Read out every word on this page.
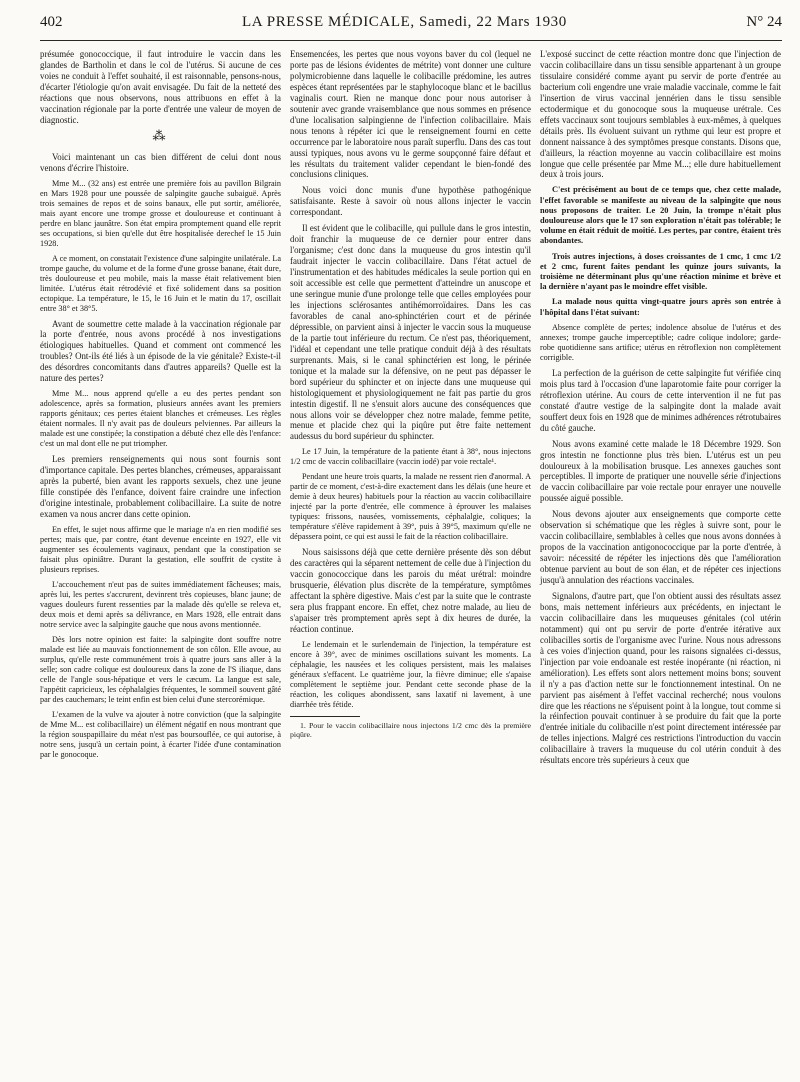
402	LA PRESSE MÉDICALE, Samedi, 22 Mars 1930	N° 24

présumée gonococcique, il faut introduire le vaccin dans les glandes de Bartholin et dans le col de l'utérus. Si aucune de ces voies ne conduit à l'effet souhaité, il est raisonnable, pensons-nous, d'écarter l'étiologie qu'on avait envisagée. Du fait de la netteté des réactions que nous observons, nous attribuons en effet à la vaccination régionale par la porte d'entrée une valeur de moyen de diagnostic.

⁂

Voici maintenant un cas bien différent de celui dont nous venons d'écrire l'histoire.

Mme M... (32 ans) est entrée une première fois au pavillon Bilgrain en Mars 1928 pour une poussée de salpingite gauche subaiguë. Après trois semaines de repos et de soins banaux, elle put sortir, améliorée, mais ayant encore une trompe grosse et douloureuse et continuant à perdre en blanc jaunâtre. Son état empira promptement quand elle reprit ses occupations, si bien qu'elle dut être hospitalisée derechef le 15 Juin 1928.

A ce moment, on constatait l'existence d'une salpingite unilatérale. La trompe gauche, du volume et de la forme d'une grosse banane, était dure, très douloureuse et peu mobile, mais la masse était relativement bien limitée. L'utérus était rétrodévié et fixé solidement dans sa position ectopique. La température, le 15, le 16 Juin et le matin du 17, oscillait entre 38° et 38°5.

Avant de soumettre cette malade à la vaccination régionale par la porte d'entrée, nous avons procédé à nos investigations étiologiques habituelles. Quand et comment ont commencé les troubles? Ont-ils été liés à un épisode de la vie génitale? Existe-t-il des désordres concomitants dans d'autres appareils? Quelle est la nature des pertes?

Mme M... nous apprend qu'elle a eu des pertes pendant son adolescence, après sa formation, plusieurs années avant les premiers rapports génitaux; ces pertes étaient blanches et crémeuses. Les règles étaient normales. Il n'y avait pas de douleurs pelviennes. Par ailleurs la malade est une constipée; la constipation a débuté chez elle dès l'enfance: c'est un mal dont elle ne put triompher.

Les premiers renseignements qui nous sont fournis sont d'importance capitale. Des pertes blanches, crémeuses, apparaissant après la puberté, bien avant les rapports sexuels, chez une jeune fille constipée dès l'enfance, doivent faire craindre une infection d'origine intestinale, probablement colibacillaire. La suite de notre examen va nous ancrer dans cette opinion.

En effet, le sujet nous affirme que le mariage n'a en rien modifié ses pertes; mais que, par contre, étant devenue enceinte en 1927, elle vit augmenter ses écoulements vaginaux, pendant que la constipation se faisait plus opiniâtre. Durant la gestation, elle souffrit de cystite à plusieurs reprises.

L'accouchement n'eut pas de suites immédiatement fâcheuses; mais, après lui, les pertes s'accrurent, devinrent très copieuses, blanc jaune; de vagues douleurs furent ressenties par la malade dès qu'elle se releva et, deux mois et demi après sa délivrance, en Mars 1928, elle entrait dans notre service avec la salpingite gauche que nous avons mentionnée.

Dès lors notre opinion est faite: la salpingite dont souffre notre malade est liée au mauvais fonctionnement de son côlon. Elle avoue, au surplus, qu'elle reste communément trois à quatre jours sans aller à la selle; son cadre colique est douloureux dans la zone de l'S iliaque, dans celle de l'angle sous-hépatique et vers le cæcum. La langue est sale, l'appétit capricieux, les céphalalgies fréquentes, le sommeil souvent gâté par des cauchemars; le teint enfin est bien celui d'une stercorémique.

L'examen de la vulve va ajouter à notre conviction (que la salpingite de Mme M... est colibacillaire) un élément négatif en nous montrant que la région souspapillaire du méat n'est pas boursouflée, ce qui autorise, à notre sens, jusqu'à un certain point, à écarter l'idée d'une contamination par le gonocoque.

Ensemencées, les pertes que nous voyons baver du col (lequel ne porte pas de lésions évidentes de métrite) vont donner une culture polymicrobienne dans laquelle le colibacille prédomine, les autres espèces étant représentées par le staphylocoque blanc et le bacillus vaginalis court. Rien ne manque donc pour nous autoriser à soutenir avec grande vraisemblance que nous sommes en présence d'une localisation salpingienne de l'infection colibacillaire. Mais nous tenons à répéter ici que le renseignement fourni en cette occurrence par le laboratoire nous paraît superflu. Dans des cas tout aussi typiques, nous avons vu le germe soupçonné faire défaut et les résultats du traitement valider cependant le bien-fondé des conclusions cliniques.

Nous voici donc munis d'une hypothèse pathogénique satisfaisante. Reste à savoir où nous allons injecter le vaccin correspondant.

Il est évident que le colibacille, qui pullule dans le gros intestin, doit franchir la muqueuse de ce dernier pour entrer dans l'organisme; c'est donc dans la muqueuse du gros intestin qu'il faudrait injecter le vaccin colibacillaire. Dans l'état actuel de l'instrumentation et des habitudes médicales la seule portion qui en soit accessible est celle que permettent d'atteindre un anuscope et une seringue munie d'une prolonge telle que celles employées pour les injections sclérosantes antihémorroïdaires. Dans les cas favorables de canal ano-sphinctérien court et de périnée dépressible, on parvient ainsi à injecter le vaccin sous la muqueuse de la partie tout inférieure du rectum. Ce n'est pas, théoriquement, l'idéal et cependant une telle pratique conduit déjà à des résultats surprenants. Mais, si le canal sphinctérien est long, le périnée tonique et la malade sur la défensive, on ne peut pas dépasser le bord supérieur du sphincter et on injecte dans une muqueuse qui histologiquement et physiologiquement ne fait pas partie du gros intestin digestif. Il ne s'ensuit alors aucune des conséquences que nous allons voir se développer chez notre malade, femme petite, menue et placide chez qui la piqûre put être faite nettement audessus du bord supérieur du sphincter.

Le 17 Juin, la température de la patiente étant à 38°, nous injectons 1/2 cmc de vaccin colibacillaire (vaccin iodé) par voie rectale¹.

Pendant une heure trois quarts, la malade ne ressent rien d'anormal. A partir de ce moment, c'est-à-dire exactement dans les délais (une heure et demie à deux heures) habituels pour la réaction au vaccin colibacillaire injecté par la porte d'entrée, elle commence à éprouver les malaises typiques: frissons, nausées, vomissements, céphalalgie, coliques; la température s'élève rapidement à 39°, puis à 39°5, maximum qu'elle ne dépassera point, ce qui est aussi le fait de la réaction colibacillaire.

Nous saisissons déjà que cette dernière présente dès son début des caractères qui la séparent nettement de celle due à l'injection du vaccin gonococcique dans les parois du méat urétral: moindre brusquerie, élévation plus discrète de la température, symptômes affectant la sphère digestive. Mais c'est par la suite que le contraste sera plus frappant encore. En effet, chez notre malade, au lieu de s'apaiser très promptement après sept à dix heures de durée, la réaction continue.

Le lendemain et le surlendemain de l'injection, la température est encore à 39°, avec de minimes oscillations suivant les moments. La céphalagie, les nausées et les coliques persistent, mais les malaises généraux s'effacent. Le quatrième jour, la fièvre diminue; elle s'apaise complètement le septième jour. Pendant cette seconde phase de la réaction, les coliques abondissent, sans laxatif ni lavement, à une diarrhée très fétide.

1. Pour le vaccin colibacillaire nous injectons 1/2 cmc dès la première piqûre.

L'exposé succinct de cette réaction montre donc que l'injection de vaccin colibacillaire dans un tissu sensible appartenant à un groupe tissulaire considéré comme ayant pu servir de porte d'entrée au bacterium coli engendre une vraie maladie vaccinale, comme le fait l'insertion de virus vaccinal jennérien dans le tissu sensible ectodermique et du gonocoque sous la muqueuse urétrale. Ces effets vaccinaux sont toujours semblables à eux-mêmes, à quelques détails près. Ils évoluent suivant un rythme qui leur est propre et donnent naissance à des symptômes presque constants. Disons que, d'ailleurs, la réaction moyenne au vaccin colibacillaire est moins longue que celle présentée par Mme M...; elle dure habituellement deux à trois jours.

C'est précisément au bout de ce temps que, chez cette malade, l'effet favorable se manifeste au niveau de la salpingite que nous nous proposons de traiter. Le 20 Juin, la trompe n'était plus douloureuse alors que le 17 son exploration n'était pas tolérable; le volume en était réduit de moitié. Les pertes, par contre, étaient très abondantes.

Trois autres injections, à doses croissantes de 1 cmc, 1 cmc 1/2 et 2 cmc, furent faites pendant les quinze jours suivants, la troisième ne déterminant plus qu'une réaction minime et brève et la dernière n'ayant pas le moindre effet visible.

La malade nous quitta vingt-quatre jours après son entrée à l'hôpital dans l'état suivant:

Absence complète de pertes; indolence absolue de l'utérus et des annexes; trompe gauche imperceptible; cadre colique indolore; garde-robe quotidienne sans artifice; utérus en rétroflexion non complètement corrigible.

La perfection de la guérison de cette salpingite fut vérifiée cinq mois plus tard à l'occasion d'une laparotomie faite pour corriger la rétroflexion utérine. Au cours de cette intervention il ne fut pas constaté d'autre vestige de la salpingite dont la malade avait souffert deux fois en 1928 que de minimes adhérences rétrotubaires du côté gauche.

Nous avons examiné cette malade le 18 Décembre 1929. Son gros intestin ne fonctionne plus très bien. L'utérus est un peu douloureux à la mobilisation brusque. Les annexes gauches sont perceptibles. Il importe de pratiquer une nouvelle série d'injections de vaccin colibacillaire par voie rectale pour enrayer une nouvelle poussée aiguë possible.

Nous devons ajouter aux enseignements que comporte cette observation si schématique que les règles à suivre sont, pour le vaccin colibacillaire, semblables à celles que nous avons données à propos de la vaccination antigonococcique par la porte d'entrée, à savoir: nécessité de répéter les injections dès que l'amélioration obtenue parvient au bout de son élan, et de répéter ces injections jusqu'à annulation des réactions vaccinales.

Signalons, d'autre part, que l'on obtient aussi des résultats assez bons, mais nettement inférieurs aux précédents, en injectant le vaccin colibacillaire dans les muqueuses génitales (col utérin notamment) qui ont pu servir de porte d'entrée itérative aux colibacilles sortis de l'organisme avec l'urine. Nous nous adressons à ces voies d'injection quand, pour les raisons signalées ci-dessus, l'injection par voie endoanale est restée inopérante (ni réaction, ni amélioration). Les effets sont alors nettement moins bons; souvent il n'y a pas d'action nette sur le fonctionnement intestinal. On ne parvient pas aisément à l'effet vaccinal recherché; nous voulons dire que les réactions ne s'épuisent point à la longue, tout comme si la réinfection pouvait continuer à se produire du fait que la porte d'entrée initiale du colibacille n'est point directement intéressée par de telles injections. Malgré ces restrictions l'introduction du vaccin colibacillaire à travers la muqueuse du col utérin conduit à des résultats encore très supérieurs à ceux que
